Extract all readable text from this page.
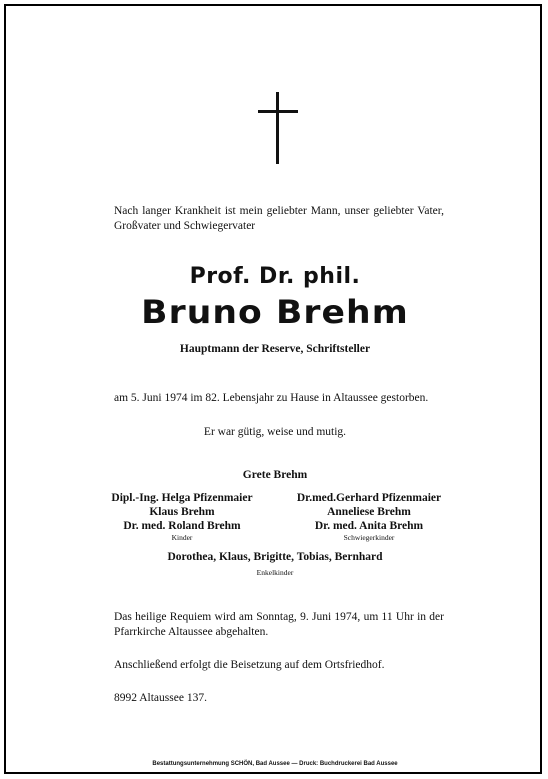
Nach langer Krankheit ist mein geliebter Mann, unser geliebter Vater, Großvater und Schwiegervater
Prof. Dr. phil.
Bruno Brehm
Hauptmann der Reserve, Schriftsteller
am 5. Juni 1974 im 82. Lebensjahr zu Hause in Altaussee gestorben.
Er war gütig, weise und mutig.
Grete Brehm
Dipl.-Ing. Helga Pfizenmaier
Klaus Brehm
Dr. med. Roland Brehm
Kinder
Dr.med.Gerhard Pfizenmaier
Anneliese Brehm
Dr. med. Anita Brehm
Schwiegerkinder
Dorothea, Klaus, Brigitte, Tobias, Bernhard
Enkelkinder
Das heilige Requiem wird am Sonntag, 9. Juni 1974, um 11 Uhr in der Pfarrkirche Altaussee abgehalten.
Anschließend erfolgt die Beisetzung auf dem Ortsfriedhof.
8992 Altaussee 137.
Bestattungsunternehmung SCHÖN, Bad Aussee — Druck: Buchdruckerei Bad Aussee
